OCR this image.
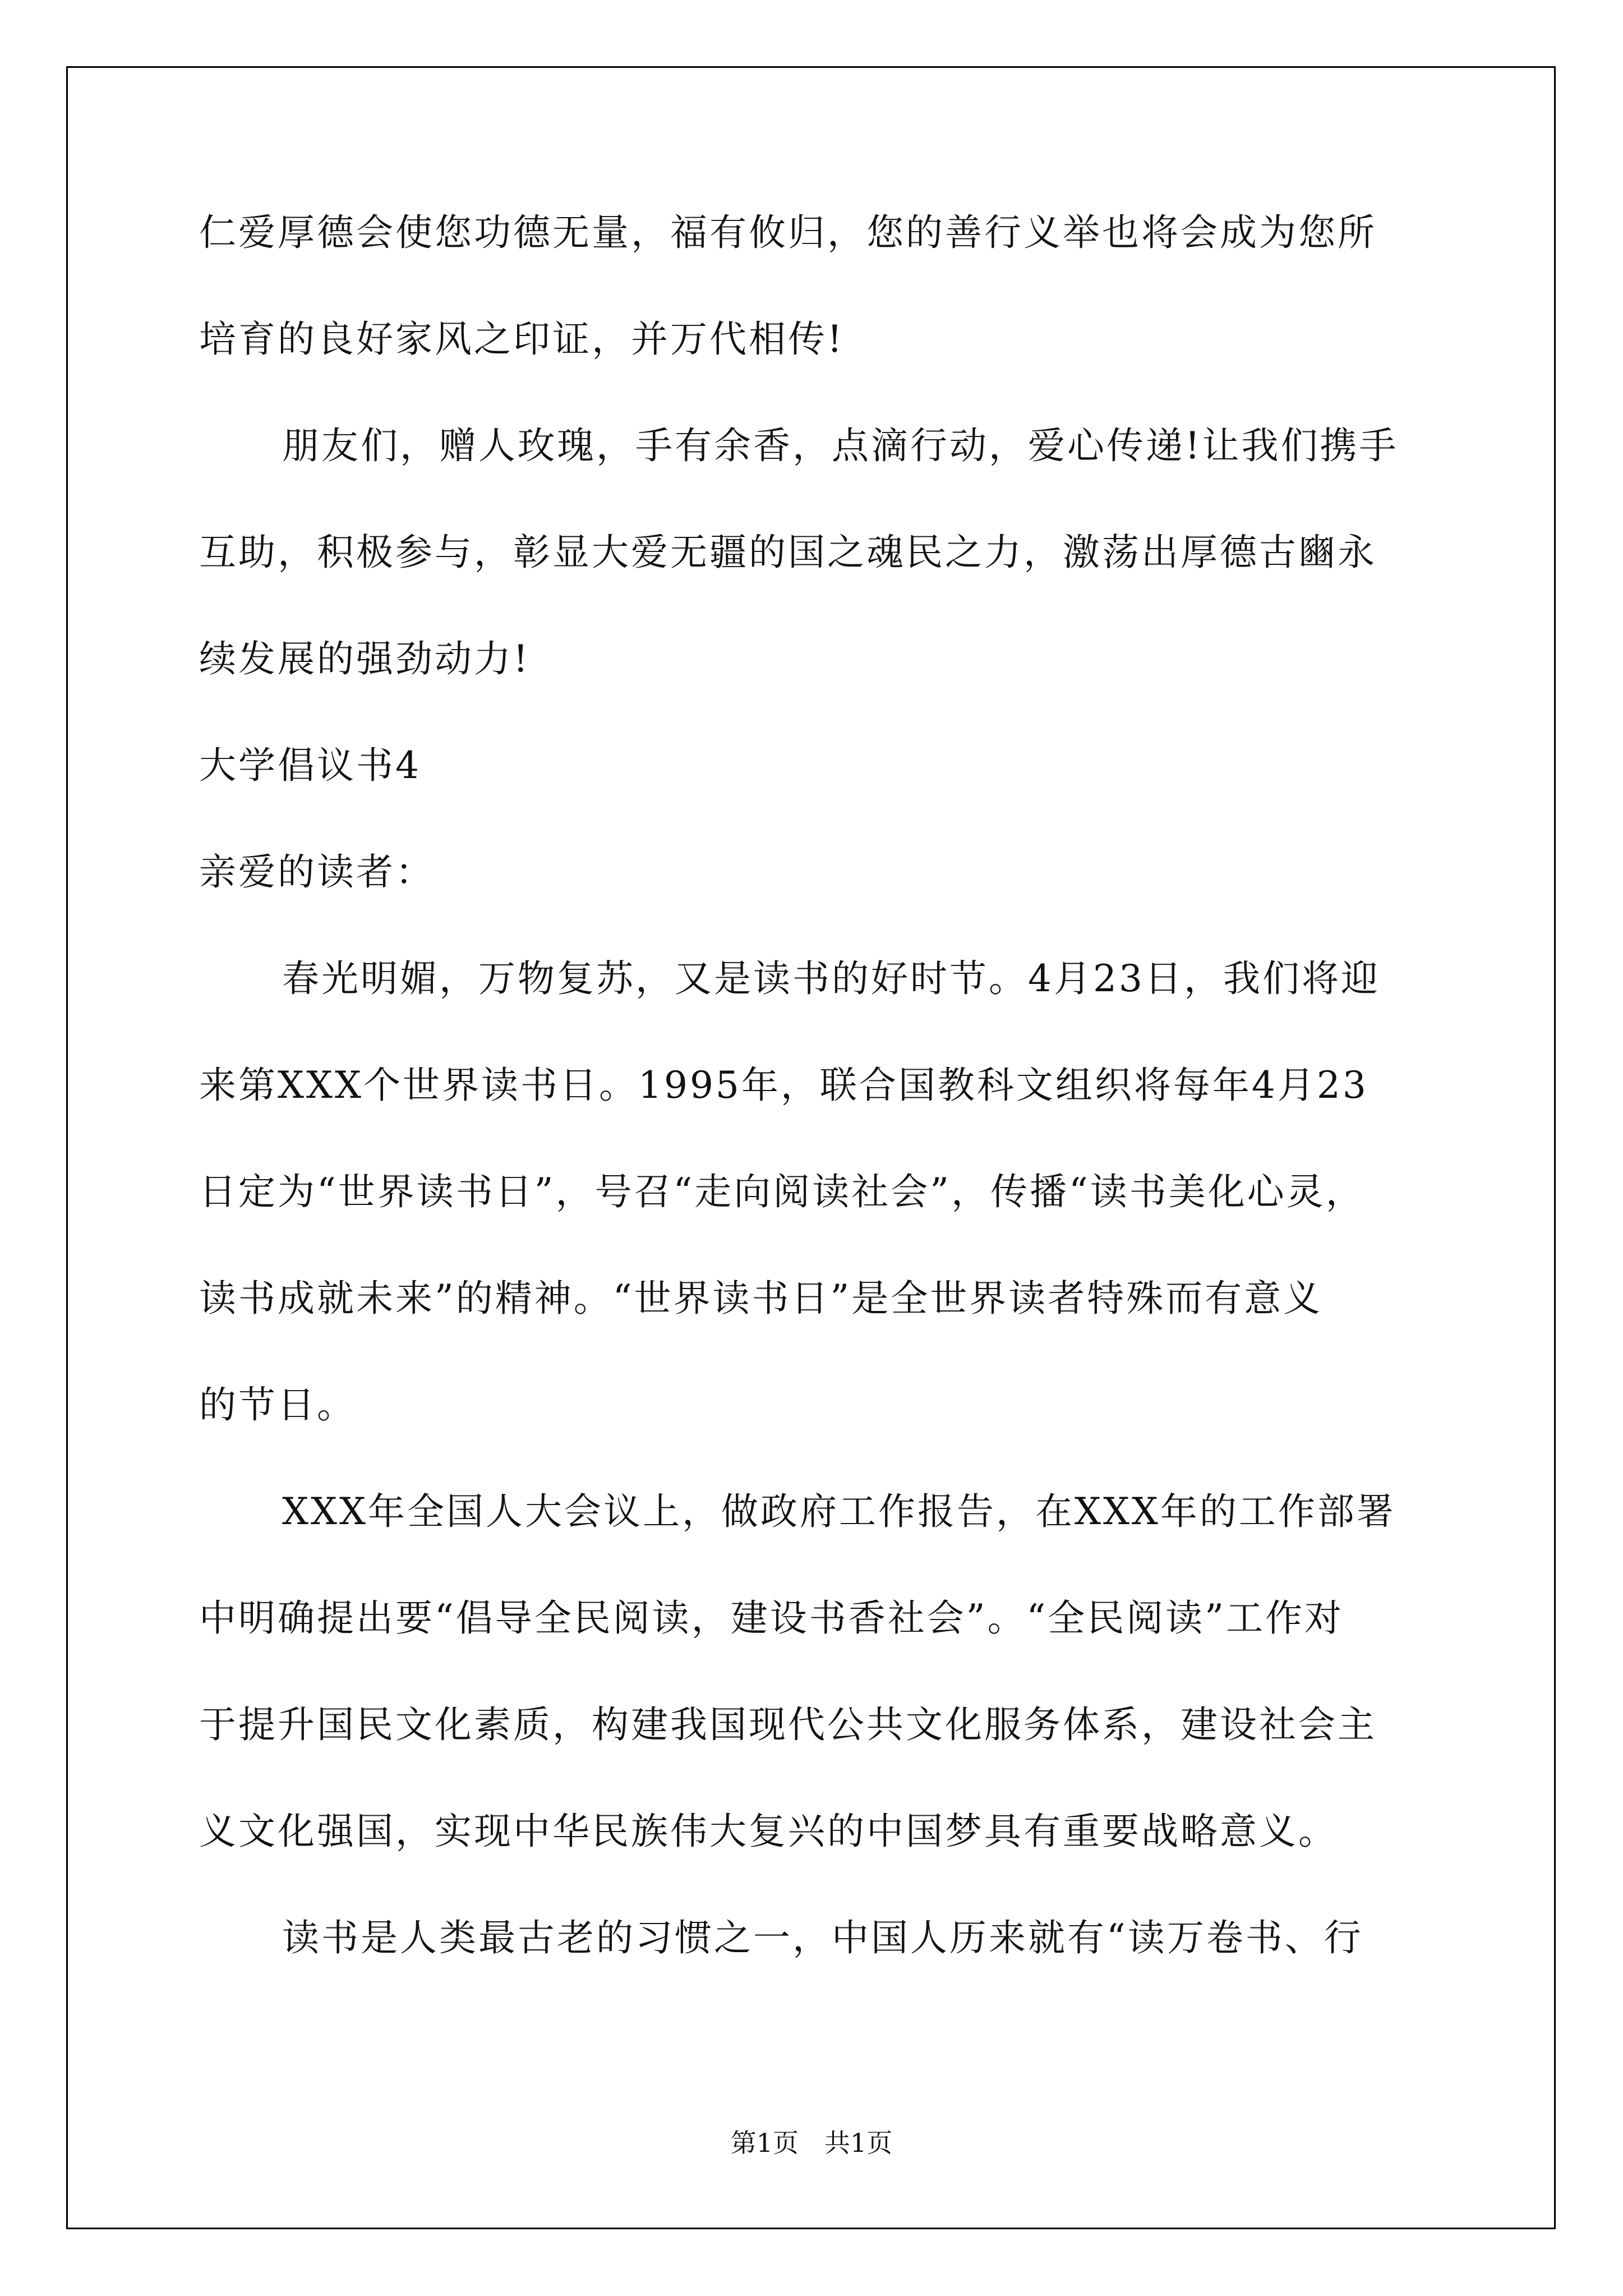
仁爱厚德会使您功德无量，福有攸归，您的善行义举也将会成为您所
培育的良好家风之印证，并万代相传!
朋友们，赠人玫瑰，手有余香，点滴行动，爱心传递!让我们携手
互助，积极参与，彰显大爱无疆的国之魂民之力，激荡出厚德古豳永
续发展的强劲动力!
大学倡议书4
亲爱的读者：
春光明媚，万物复苏，又是读书的好时节。4月23日，我们将迎
来第XXX个世界读书日。1995年，联合国教科文组织将每年4月23
日定为“世界读书日”，号召“走向阅读社会”，传播“读书美化心灵，
读书成就未来”的精神。“世界读书日”是全世界读者特殊而有意义
的节日。
XXX年全国人大会议上，做政府工作报告，在XXX年的工作部署
中明确提出要“倡导全民阅读，建设书香社会”。“全民阅读”工作对
于提升国民文化素质，构建我国现代公共文化服务体系，建设社会主
义文化强国，实现中华民族伟大复兴的中国梦具有重要战略意义。
读书是人类最古老的习惯之一，中国人历来就有“读万卷书、行
第1页　共1页
